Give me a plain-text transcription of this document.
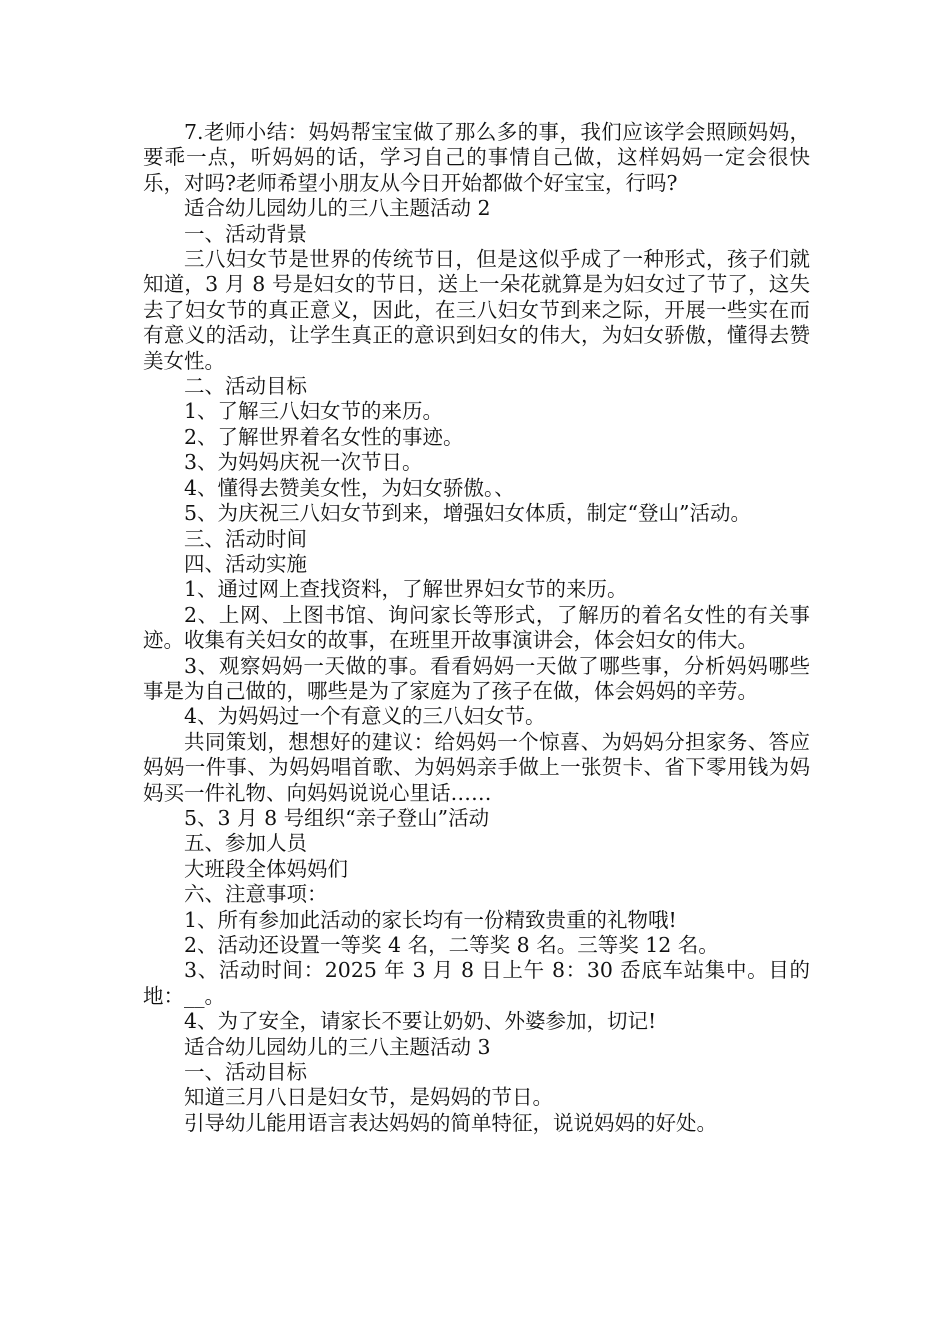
7.老师小结：妈妈帮宝宝做了那么多的事，我们应该学会照顾妈妈，要乖一点，听妈妈的话，学习自己的事情自己做，这样妈妈一定会很快乐，对吗?老师希望小朋友从今日开始都做个好宝宝，行吗?

适合幼儿园幼儿的三八主题活动 2

一、活动背景

三八妇女节是世界的传统节日，但是这似乎成了一种形式，孩子们就知道，3 月 8 号是妇女的节日，送上一朵花就算是为妇女过了节了，这失去了妇女节的真正意义，因此，在三八妇女节到来之际，开展一些实在而有意义的活动，让学生真正的意识到妇女的伟大，为妇女骄傲，懂得去赞美女性。

二、活动目标

1、了解三八妇女节的来历。

2、了解世界着名女性的事迹。

3、为妈妈庆祝一次节日。

4、懂得去赞美女性，为妇女骄傲。、

5、为庆祝三八妇女节到来，增强妇女体质，制定“登山”活动。

三、活动时间

四、活动实施

1、通过网上查找资料，了解世界妇女节的来历。

2、上网、上图书馆、询问家长等形式，了解历的着名女性的有关事迹。收集有关妇女的故事，在班里开故事演讲会，体会妇女的伟大。

3、观察妈妈一天做的事。看看妈妈一天做了哪些事，分析妈妈哪些事是为自己做的，哪些是为了家庭为了孩子在做，体会妈妈的辛劳。

4、为妈妈过一个有意义的三八妇女节。

共同策划，想想好的建议：给妈妈一个惊喜、为妈妈分担家务、答应妈妈一件事、为妈妈唱首歌、为妈妈亲手做上一张贺卡、省下零用钱为妈妈买一件礼物、向妈妈说说心里话……

5、3 月 8 号组织“亲子登山”活动

五、参加人员

大班段全体妈妈们

六、注意事项：

1、所有参加此活动的家长均有一份精致贵重的礼物哦!

2、活动还设置一等奖 4 名，二等奖 8 名。三等奖 12 名。

3、活动时间：2025 年 3 月 8 日上午 8：30 岙底车站集中。目的地：__。

4、为了安全，请家长不要让奶奶、外婆参加，切记!

适合幼儿园幼儿的三八主题活动 3

一、活动目标

知道三月八日是妇女节，是妈妈的节日。

引导幼儿能用语言表达妈妈的简单特征，说说妈妈的好处。
